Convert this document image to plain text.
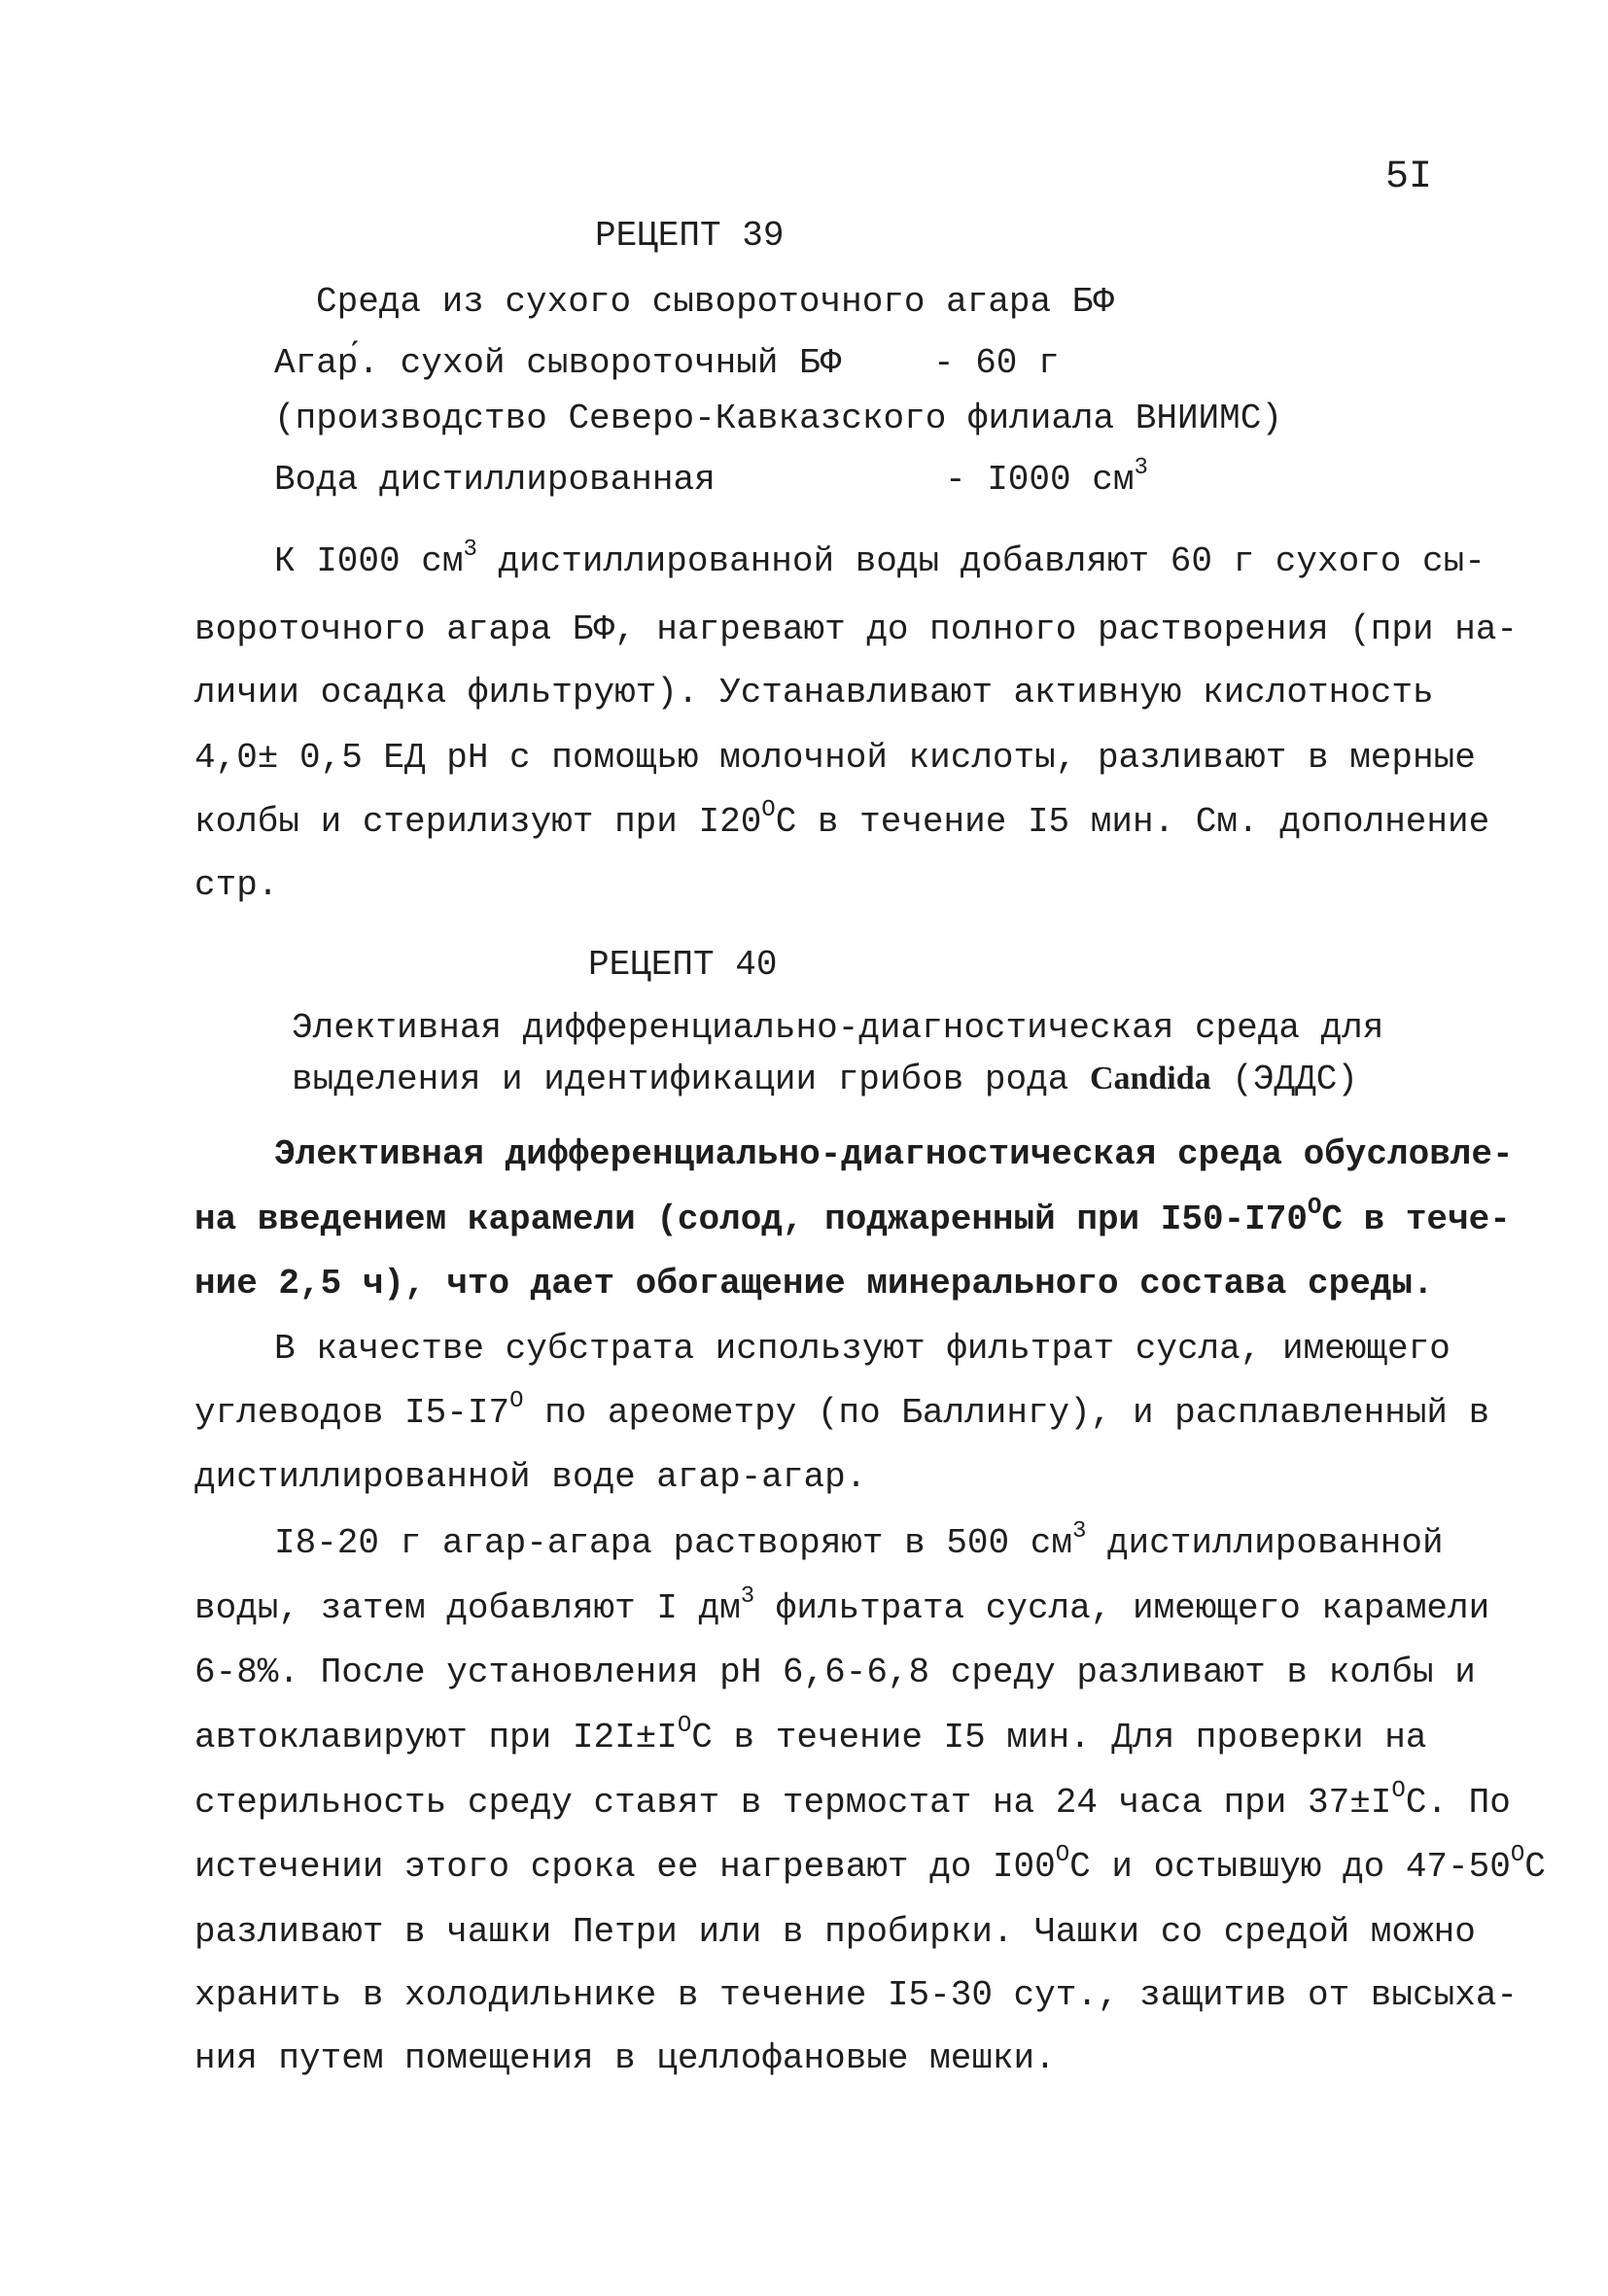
5I
РЕЦЕПТ 39
Среда из сухого сывороточного агара БФ
Агар́. сухой сывороточный БФ	- 60 г
(производство Северо-Кавказского филиала ВНИИМС)
Вода дистиллированная	- I000 $см^3$
К I000 $см^3$ дистиллированной воды добавляют 60 г сухого сы-
вороточного агара БФ, нагревают до полного растворения (при на-
личии осадка фильтруют). Устанавливают активную кислотность
4,0± 0,5 ЕД рН с помощью молочной кислоты, разливают в мерные
колбы и стерилизуют при $I20^ОС$ в течение I5 мин. См. дополнение
стр.
РЕЦЕПТ 40
Элективная дифференциально-диагностическая среда для
выделения и идентификации грибов рода Candida (ЭДДС)
Элективная дифференциально-диагностическая среда обусловле-
на введением карамели (солод, поджаренный при $I50-I70^ОС$ в тече-
ние 2,5 ч), что дает обогащение минерального состава среды.
В качестве субстрата используют фильтрат сусла, имеющего
углеводов $I5-I7^О$ по ареометру (по Баллингу), и расплавленный в
дистиллированной воде агар-агар.
I8-20 г агар-агара растворяют в 500 $см^3$ дистиллированной
воды, затем добавляют I $дм^3$ фильтрата сусла, имеющего карамели
6-8%. После установления рН 6,6-6,8 среду разливают в колбы и
автоклавируют при $I2I\pm I^ОС$ в течение I5 мин. Для проверки на
стерильность среду ставят в термостат на 24 часа при $37\pm I^ОС$. По
истечении этого срока ее нагревают до $I00^ОС$ и остывшую до $47-50^ОС$
разливают в чашки Петри или в пробирки. Чашки со средой можно
хранить в холодильнике в течение I5-30 сут., защитив от высыха-
ния путем помещения в целлофановые мешки.
